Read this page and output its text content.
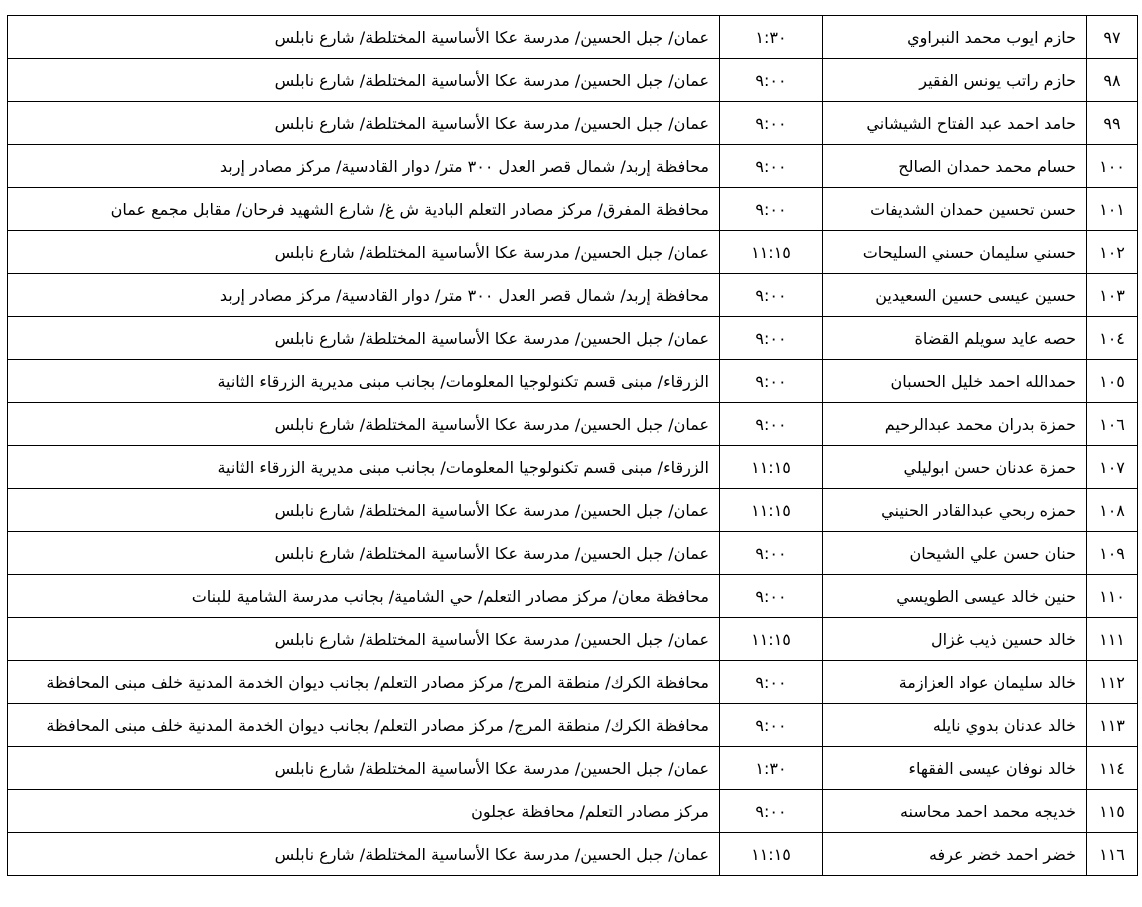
٩٧	حازم ايوب محمد النبراوي	١:٣٠	عمان/ جبل الحسين/ مدرسة عكا الأساسية المختلطة/ شارع نابلس
٩٨	حازم راتب يونس الفقير	٩:٠٠	عمان/ جبل الحسين/ مدرسة عكا الأساسية المختلطة/ شارع نابلس
٩٩	حامد احمد عبد الفتاح الشيشاني	٩:٠٠	عمان/ جبل الحسين/ مدرسة عكا الأساسية المختلطة/ شارع نابلس
١٠٠	حسام محمد حمدان الصالح	٩:٠٠	محافظة إربد/ شمال قصر العدل ٣٠٠ متر/ دوار القادسية/ مركز مصادر إربد
١٠١	حسن تحسين حمدان الشديفات	٩:٠٠	محافظة المفرق/ مركز مصادر التعلم البادية ش غ/ شارع الشهيد فرحان/ مقابل مجمع عمان
١٠٢	حسني سليمان حسني السليحات	١١:١٥	عمان/ جبل الحسين/ مدرسة عكا الأساسية المختلطة/ شارع نابلس
١٠٣	حسين عيسى حسين السعيدين	٩:٠٠	محافظة إربد/ شمال قصر العدل ٣٠٠ متر/ دوار القادسية/ مركز مصادر إربد
١٠٤	حصه عايد سويلم القضاة	٩:٠٠	عمان/ جبل الحسين/ مدرسة عكا الأساسية المختلطة/ شارع نابلس
١٠٥	حمدالله احمد خليل الحسبان	٩:٠٠	الزرقاء/ مبنى قسم تكنولوجيا المعلومات/ بجانب مبنى مديرية الزرقاء الثانية
١٠٦	حمزة بدران محمد عبدالرحيم	٩:٠٠	عمان/ جبل الحسين/ مدرسة عكا الأساسية المختلطة/ شارع نابلس
١٠٧	حمزة عدنان حسن ابوليلي	١١:١٥	الزرقاء/ مبنى قسم تكنولوجيا المعلومات/ بجانب مبنى مديرية الزرقاء الثانية
١٠٨	حمزه ربحي عبدالقادر الحنيني	١١:١٥	عمان/ جبل الحسين/ مدرسة عكا الأساسية المختلطة/ شارع نابلس
١٠٩	حنان حسن علي الشيحان	٩:٠٠	عمان/ جبل الحسين/ مدرسة عكا الأساسية المختلطة/ شارع نابلس
١١٠	حنين خالد عيسى الطويسي	٩:٠٠	محافظة معان/ مركز مصادر التعلم/ حي الشامية/ بجانب مدرسة الشامية للبنات
١١١	خالد حسين ذيب غزال	١١:١٥	عمان/ جبل الحسين/ مدرسة عكا الأساسية المختلطة/ شارع نابلس
١١٢	خالد سليمان عواد العزازمة	٩:٠٠	محافظة الكرك/ منطقة المرج/ مركز مصادر التعلم/ بجانب ديوان الخدمة المدنية خلف مبنى المحافظة
١١٣	خالد عدنان بدوي نايله	٩:٠٠	محافظة الكرك/ منطقة المرج/ مركز مصادر التعلم/ بجانب ديوان الخدمة المدنية خلف مبنى المحافظة
١١٤	خالد نوفان عيسى الفقهاء	١:٣٠	عمان/ جبل الحسين/ مدرسة عكا الأساسية المختلطة/ شارع نابلس
١١٥	خديجه محمد احمد محاسنه	٩:٠٠	مركز مصادر التعلم/ محافظة عجلون
١١٦	خضر احمد خضر عرفه	١١:١٥	عمان/ جبل الحسين/ مدرسة عكا الأساسية المختلطة/ شارع نابلس
